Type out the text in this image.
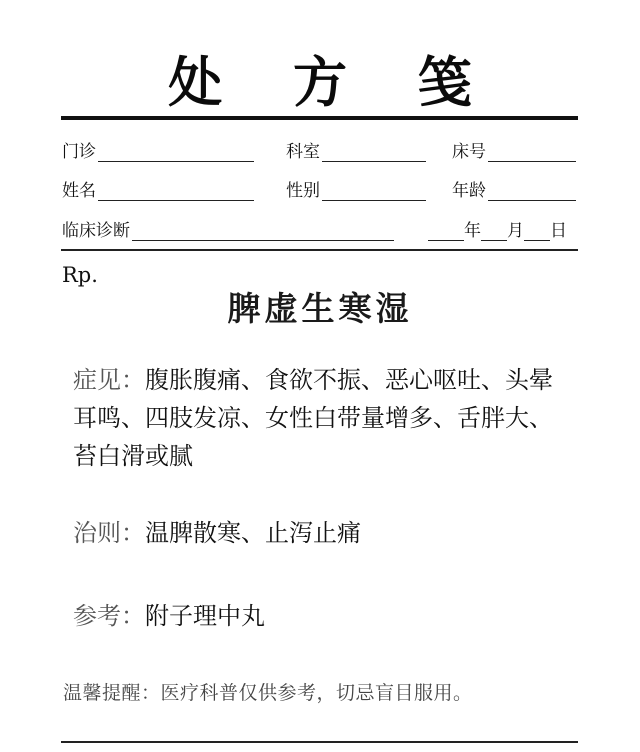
处 方 笺
门诊	科室	床号
姓名	性别	年龄
临床诊断	年 月 日
Rp.
脾虚生寒湿
症见：腹胀腹痛、食欲不振、恶心呕吐、头晕耳鸣、四肢发凉、女性白带量增多、舌胖大、苔白滑或腻
治则：温脾散寒、止泻止痛
参考：附子理中丸
温馨提醒：医疗科普仅供参考，切忌盲目服用。
